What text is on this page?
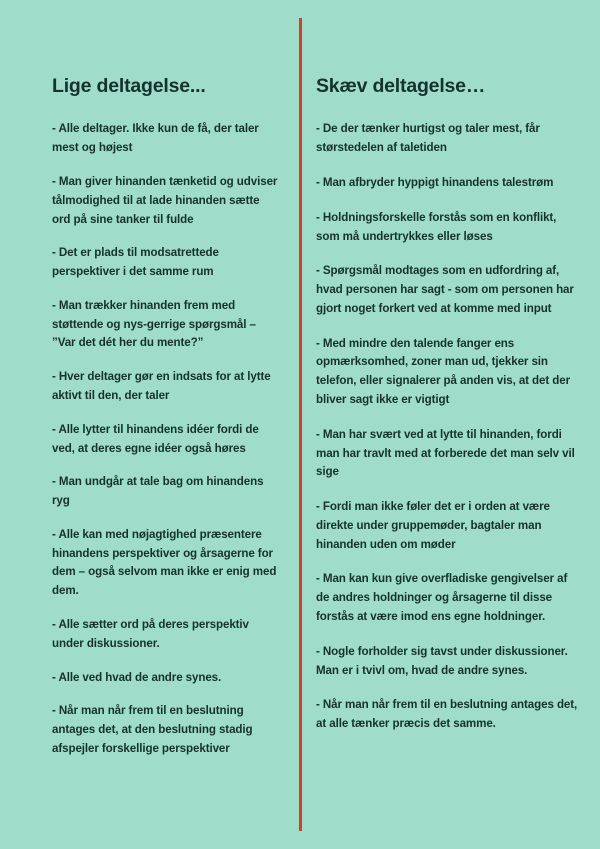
Lige deltagelse...

- Alle deltager. Ikke kun de få, der taler mest og højest

- Man giver hinanden tænketid og udviser tålmodighed til at lade hinanden sætte ord på sine tanker til fulde

- Det er plads til modsatrettede perspektiver i det samme rum

- Man trækker hinanden frem med støttende og nys-gerrige spørgsmål – ”Var det dét her du mente?”

- Hver deltager gør en indsats for at lytte aktivt til den, der taler

- Alle lytter til hinandens idéer fordi de ved, at deres egne idéer også høres

- Man undgår at tale bag om hinandens ryg

- Alle kan med nøjagtighed præsentere hinandens perspektiver og årsagerne for dem – også selvom man ikke er enig med dem.

- Alle sætter ord på deres perspektiv under diskussioner.

- Alle ved hvad de andre synes.

- Når man når frem til en beslutning antages det, at den beslutning stadig afspejler forskellige perspektiver

Skæv deltagelse…

- De der tænker hurtigst og taler mest, får størstedelen af taletiden

- Man afbryder hyppigt hinandens talestrøm

- Holdningsforskelle forstås som en konflikt, som må undertrykkes eller løses

- Spørgsmål modtages som en udfordring af, hvad personen har sagt - som om personen har gjort noget forkert ved at komme med input

- Med mindre den talende fanger ens opmærksomhed, zoner man ud, tjekker sin telefon, eller signalerer på anden vis, at det der bliver sagt ikke er vigtigt

- Man har svært ved at lytte til hinanden, fordi man har travlt med at forberede det man selv vil sige

- Fordi man ikke føler det er i orden at være direkte under gruppemøder, bagtaler man hinanden uden om møder

- Man kan kun give overfladiske gengivelser af de andres holdninger og årsagerne til disse forstås at være imod ens egne holdninger.

- Nogle forholder sig tavst under diskussioner. Man er i tvivl om, hvad de andre synes.

- Når man når frem til en beslutning antages det, at alle tænker præcis det samme.
